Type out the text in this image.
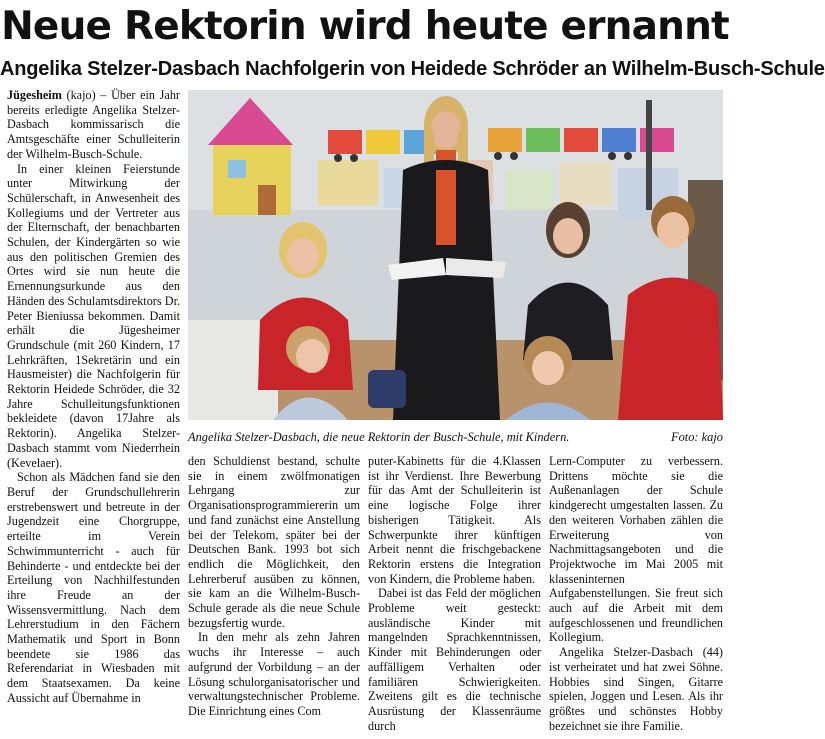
Neue Rektorin wird heute ernannt
Angelika Stelzer-Dasbach Nachfolgerin von Heidede Schröder an Wilhelm-Busch-Schule

Jügesheim (kajo) – Über ein Jahr bereits erledigte Angelika Stelzer-Dasbach kommissarisch die Amtsgeschäfte einer Schulleiterin der Wilhelm-Busch-Schule.

In einer kleinen Feierstunde unter Mitwirkung der Schülerschaft, in Anwesenheit des Kollegiums und der Vertreter aus der Elternschaft, der benachbarten Schulen, der Kindergärten so wie aus den politischen Gremien des Ortes wird sie nun heute die Ernennungsurkunde aus den Händen des Schulamtsdirektors Dr. Peter Bieniussa bekommen. Damit erhält die Jügesheimer Grundschule (mit 260 Kindern, 17 Lehrkräften, 1Sekretärin und ein Hausmeister) die Nachfolgerin für Rektorin Heidede Schröder, die 32 Jahre Schulleitungsfunktionen bekleidete (davon 17Jahre als Rektorin). Angelika Stelzer-Dasbach stammt vom Niederrhein (Kevelaer).

Schon als Mädchen fand sie den Beruf der Grundschullehrerin erstrebenswert und betreute in der Jugendzeit eine Chorgruppe, erteilte im Verein Schwimmunterricht - auch für Behinderte - und entdeckte bei der Erteilung von Nachhilfestunden ihre Freude an der Wissensvermittlung. Nach dem Lehrerstudium in den Fächern Mathematik und Sport in Bonn beendete sie 1986 das Referendariat in Wiesbaden mit dem Staatsexamen. Da keine Aussicht auf Übernahme in

Angelika Stelzer-Dasbach, die neue Rektorin der Busch-Schule, mit Kindern.	Foto: kajo

den Schuldienst bestand, schulte sie in einem zwölfmonatigen Lehrgang zur Organisationsprogrammiererin um und fand zunächst eine Anstellung bei der Telekom, später bei der Deutschen Bank. 1993 bot sich endlich die Möglichkeit, den Lehrerberuf ausüben zu können, sie kam an die Wilhelm-Busch-Schule gerade als die neue Schule bezugsfertig wurde.

In den mehr als zehn Jahren wuchs ihr Interesse – auch aufgrund der Vorbildung – an der Lösung schulorganisatorischer und verwaltungstechnischer Probleme. Die Einrichtung eines Com

puter-Kabinetts für die 4.Klassen ist ihr Verdienst. Ihre Bewerbung für das Amt der Schulleiterin ist eine logische Folge ihrer bisherigen Tätigkeit. Als Schwerpunkte ihrer künftigen Arbeit nennt die frischgebackene Rektorin erstens die Integration von Kindern, die Probleme haben.

Dabei ist das Feld der möglichen Probleme weit gesteckt: ausländische Kinder mit mangelnden Sprachkenntnissen, Kinder mit Behinderungen oder auffälligem Verhalten oder familiären Schwierigkeiten. Zweitens gilt es die technische Ausrüstung der Klassenräume durch

Lern-Computer zu verbessern. Drittens möchte sie die Außenanlagen der Schule kindgerecht umgestalten lassen. Zu den weiteren Vorhaben zählen die Erweiterung von Nachmittagsangeboten und die Projektwoche im Mai 2005 mit klasseninternen Aufgabenstellungen. Sie freut sich auch auf die Arbeit mit dem aufgeschlossenen und freundlichen Kollegium.

Angelika Stelzer-Dasbach (44) ist verheiratet und hat zwei Söhne. Hobbies sind Singen, Gitarre spielen, Joggen und Lesen. Als ihr größtes und schönstes Hobby bezeichnet sie ihre Familie.
